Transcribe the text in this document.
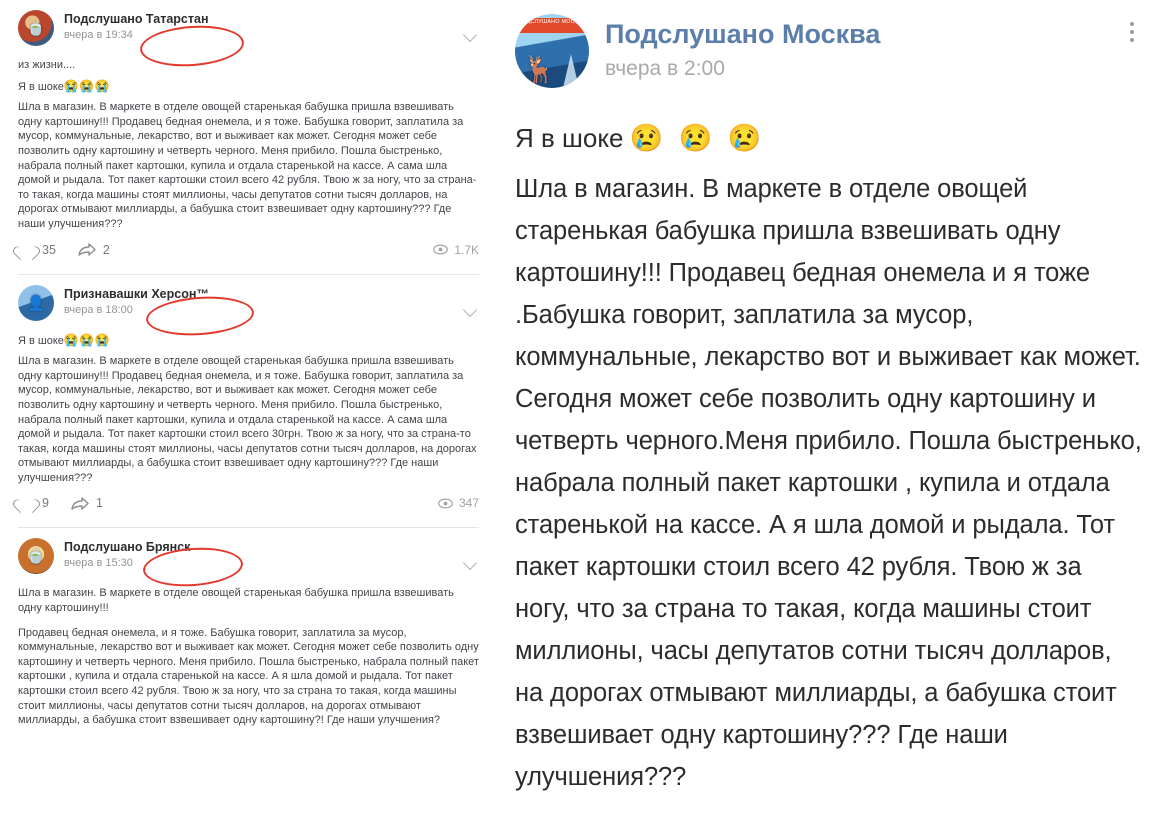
🍵
Подслушано Татарстан
вчера в 19:34

из жизни....

Я в шоке😭😭😭

Шла в магазин. В маркете в отделе овощей старенькая бабушка пришла взвешивать одну картошину!!! Продавец бедная онемела, и я тоже. Бабушка говорит, заплатила за мусор, коммунальные, лекарство, вот и выживает как может. Сегодня может себе позволить одну картошину и четверть черного. Меня прибило. Пошла быстренько, набрала полный пакет картошки, купила и отдала старенькой на кассе. А сама шла домой и рыдала. Тот пакет картошки стоил всего 42 рубля. Твою ж за ногу, что за страна-то такая, когда машины стоят миллионы, часы депутатов сотни тысяч долларов, на дорогах отмывают миллиарды, а бабушка стоит взвешивает одну картошину??? Где наши улучшения???

35	2	1.7K
👤
Признавашки Херсон™
вчера в 18:00

Я в шоке😭😭😭

Шла в магазин. В маркете в отделе овощей старенькая бабушка пришла взвешивать одну картошину!!! Продавец бедная онемела, и я тоже. Бабушка говорит, заплатила за мусор, коммунальные, лекарство, вот и выживает как может. Сегодня может себе позволить одну картошину и четверть черного. Меня прибило. Пошла быстренько, набрала полный пакет картошки, купила и отдала старенькой на кассе. А сама шла домой и рыдала. Тот пакет картошки стоил всего 30грн. Твою ж за ногу, что за страна-то такая, когда машины стоят миллионы, часы депутатов сотни тысяч долларов, на дорогах отмывают миллиарды, а бабушка стоит взвешивает одну картошину??? Где наши улучшения???

9	1	347
🍵
Подслушано Брянск
вчера в 15:30

Шла в магазин. В маркете в отделе овощей старенькая бабушка пришла взвешивать одну картошину!!!

Продавец бедная онемела, и я тоже. Бабушка говорит, заплатила за мусор, коммунальные, лекарство вот и выживает как может. Сегодня может себе позволить одну картошину и четверть черного. Меня прибило. Пошла быстренько, набрала полный пакет картошки , купила и отдала старенькой на кассе. А я шла домой и рыдала. Тот пакет картошки стоил всего 42 рубля. Твою ж за ногу, что за страна то такая, когда машины стоит миллионы, часы депутатов сотни тысяч долларов, на дорогах отмывают миллиарды, а бабушка стоит взвешивает одну картошину?! Где наши улучшения?

ПОДСЛУШАНО МОСКВА
🦌
Подслушано Москва
вчера в 2:00
Я в шоке 😢 😢 😢
Шла в магазин. В маркете в отделе овощей старенькая бабушка пришла взвешивать одну картошину!!! Продавец бедная онемела и я тоже .Бабушка говорит, заплатила за мусор, коммунальные, лекарство вот и выживает как может. Сегодня может себе позволить одну картошину и четверть черного.Меня прибило. Пошла быстренько, набрала полный пакет картошки , купила и отдала старенькой на кассе. А я шла домой и рыдала. Тот пакет картошки стоил всего 42 рубля. Твою ж за ногу, что за страна то такая, когда машины стоит миллионы, часы депутатов сотни тысяч долларов, на дорогах отмывают миллиарды, а бабушка стоит взвешивает одну картошину??? Где наши улучшения???
